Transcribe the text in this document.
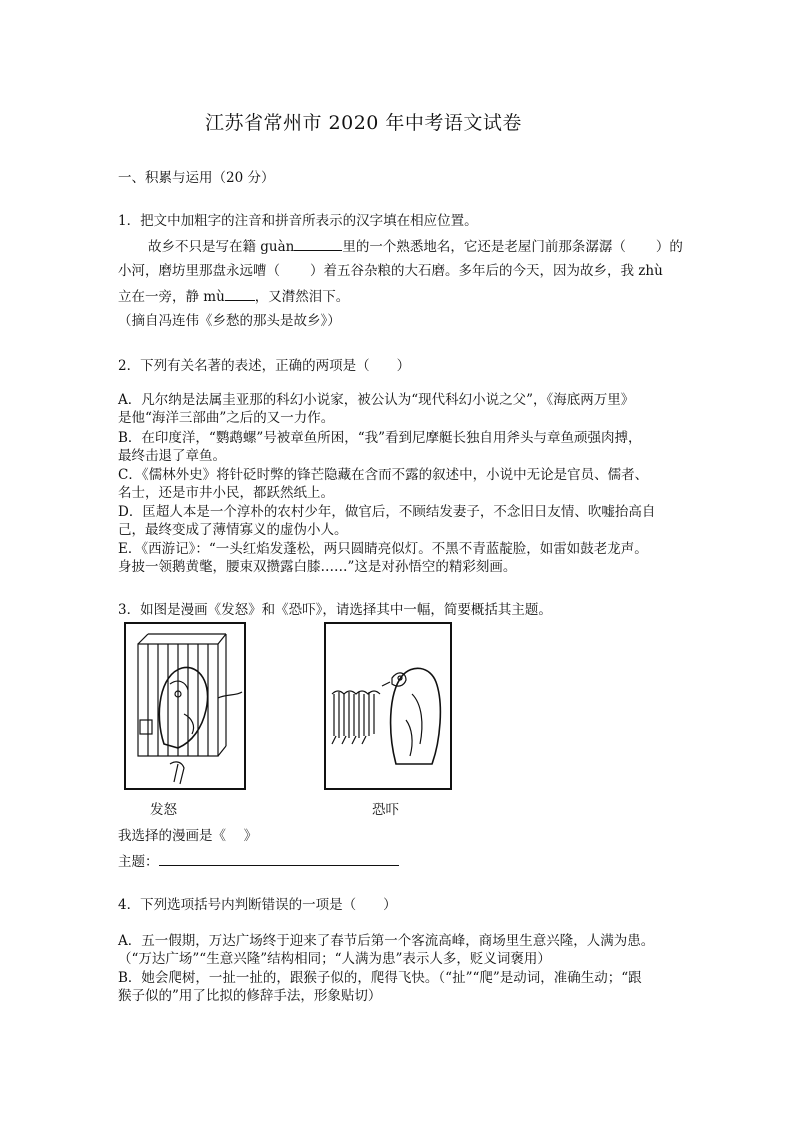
江苏省常州市 2020 年中考语文试卷
一、积累与运用（20 分）
1．把文中加粗字的注音和拼音所表示的汉字填在相应位置。
故乡不只是写在籍 guàn	里的一个熟悉地名，它还是老屋门前那条潺潺（ ）的
小河，磨坊里那盘永远嘈（ ）着五谷杂粮的大石磨。多年后的今天，因为故乡，我 zhù
立在一旁，静 mù ，又潸然泪下。
（摘自冯连伟《乡愁的那头是故乡》）
2．下列有关名著的表述，正确的两项是（　　）
A．凡尔纳是法属圭亚那的科幻小说家，被公认为“现代科幻小说之父”，《海底两万里》
是他“海洋三部曲”之后的又一力作。
B．在印度洋，“鹦鹉螺”号被章鱼所困，“我”看到尼摩艇长独自用斧头与章鱼顽强肉搏，
最终击退了章鱼。
C．《儒林外史》将针砭时弊的锋芒隐藏在含而不露的叙述中，小说中无论是官员、儒者、
名士，还是市井小民，都跃然纸上。
D．匡超人本是一个淳朴的农村少年，做官后，不顾结发妻子，不念旧日友情、吹嘘抬高自
己，最终变成了薄情寡义的虚伪小人。
E．《西游记》：“一头红焰发蓬松，两只圆睛亮似灯。不黑不青蓝靛脸，如雷如鼓老龙声。
身披一领鹅黄氅，腰束双攒露白膝……”这是对孙悟空的精彩刻画。
3．如图是漫画《发怒》和《恐吓》，请选择其中一幅，简要概括其主题。
发怒	恐吓
我选择的漫画是《　 》
主题：
4．下列选项括号内判断错误的一项是（　　）
A．五一假期，万达广场终于迎来了春节后第一个客流高峰，商场里生意兴隆，人满为患。
（“万达广场”“生意兴隆”结构相同；“人满为患”表示人多，贬义词褒用）
B．她会爬树，一扯一扯的，跟猴子似的，爬得飞快。（“扯”“爬”是动词，准确生动；“跟
猴子似的”用了比拟的修辞手法，形象贴切）
